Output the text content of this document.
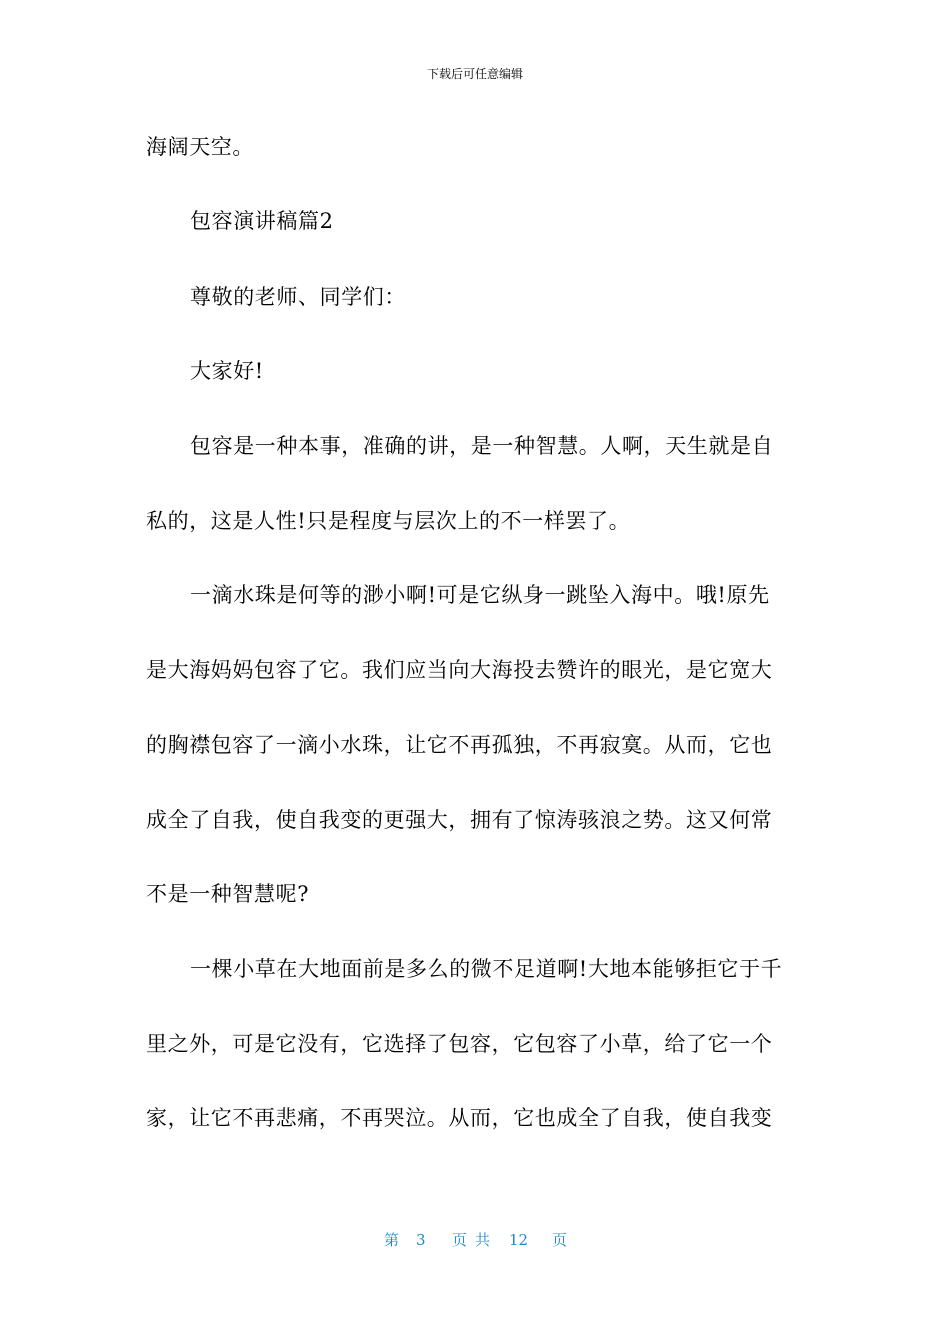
下载后可任意编辑
海阔天空。
包容演讲稿篇2
尊敬的老师、同学们：
大家好!
包容是一种本事，准确的讲，是一种智慧。人啊，天生就是自
私的，这是人性!只是程度与层次上的不一样罢了。
一滴水珠是何等的渺小啊!可是它纵身一跳坠入海中。哦!原先
是大海妈妈包容了它。我们应当向大海投去赞许的眼光，是它宽大
的胸襟包容了一滴小水珠，让它不再孤独，不再寂寞。从而，它也
成全了自我，使自我变的更强大，拥有了惊涛骇浪之势。这又何常
不是一种智慧呢?
一棵小草在大地面前是多么的微不足道啊!大地本能够拒它于千
里之外，可是它没有，它选择了包容，它包容了小草，给了它一个
家，让它不再悲痛，不再哭泣。从而，它也成全了自我，使自我变
第 3 页共 12 页
